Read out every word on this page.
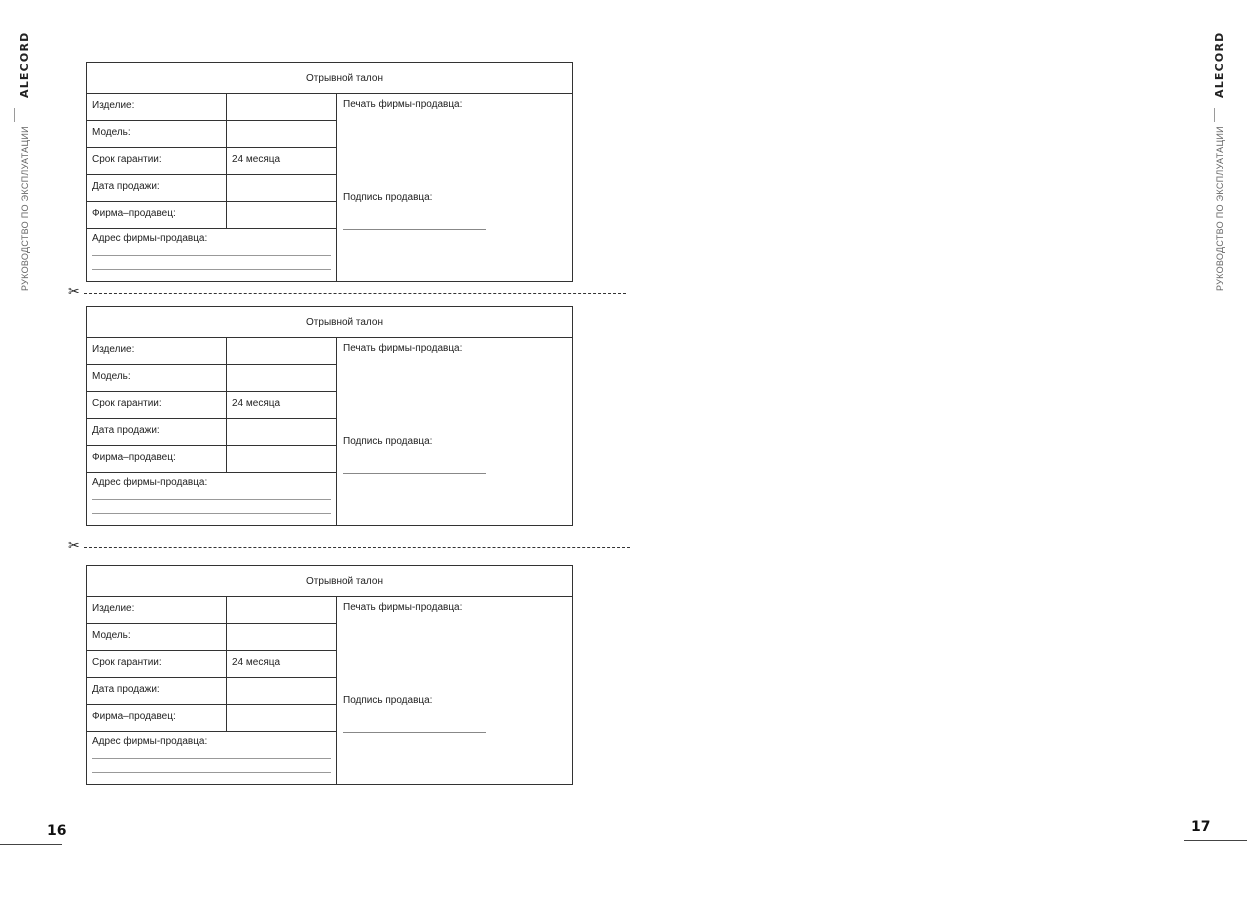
ALECORD
РУКОВОДСТВО ПО ЭКСПЛУАТАЦИИ
ALECORD
РУКОВОДСТВО ПО ЭКСПЛУАТАЦИИ
16	17
Отрывной талон
Изделие:
Модель:
Срок гарантии:	24 месяца
Дата продажи:
Фирма–продавец:
Адрес фирмы-продавца:
Печать фирмы-продавца:
Подпись продавца:
✂
Отрывной талон
Изделие:
Модель:
Срок гарантии:	24 месяца
Дата продажи:
Фирма–продавец:
Адрес фирмы-продавца:
Печать фирмы-продавца:
Подпись продавца:
✂
Отрывной талон
Изделие:
Модель:
Срок гарантии:	24 месяца
Дата продажи:
Фирма–продавец:
Адрес фирмы-продавца:
Печать фирмы-продавца:
Подпись продавца:
